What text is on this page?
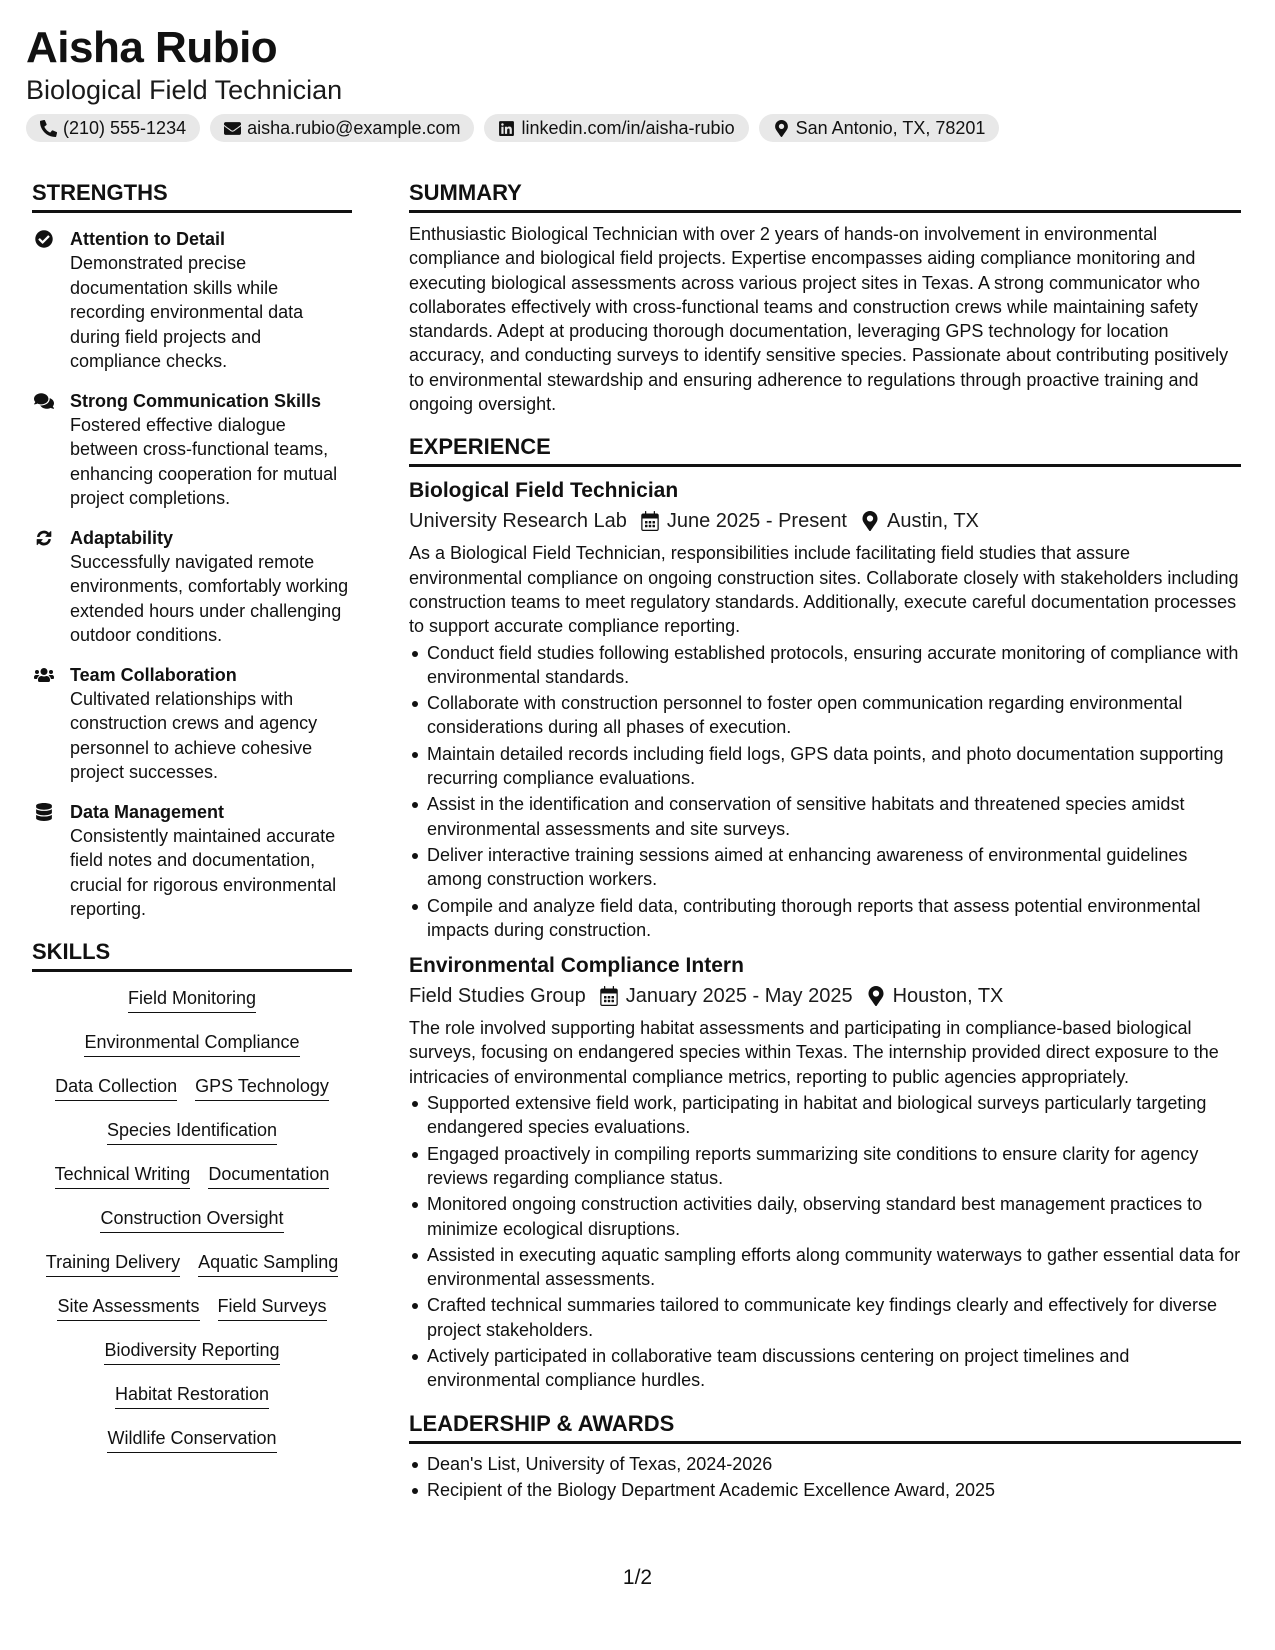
Aisha Rubio
Biological Field Technician
(210) 555-1234	aisha.rubio@example.com	linkedin.com/in/aisha-rubio	San Antonio, TX, 78201
STRENGTHS
Attention to Detail
Demonstrated precise documentation skills while recording environmental data during field projects and compliance checks.
Strong Communication Skills
Fostered effective dialogue between cross-functional teams, enhancing cooperation for mutual project completions.
Adaptability
Successfully navigated remote environments, comfortably working extended hours under challenging outdoor conditions.
Team Collaboration
Cultivated relationships with construction crews and agency personnel to achieve cohesive project successes.
Data Management
Consistently maintained accurate field notes and documentation, crucial for rigorous environmental reporting.
SKILLS
Field Monitoring
Environmental Compliance
Data Collection GPS Technology
Species Identification
Technical Writing Documentation
Construction Oversight
Training Delivery Aquatic Sampling
Site Assessments Field Surveys
Biodiversity Reporting
Habitat Restoration
Wildlife Conservation
SUMMARY

Enthusiastic Biological Technician with over 2 years of hands-on involvement in environmental compliance and biological field projects. Expertise encompasses aiding compliance monitoring and executing biological assessments across various project sites in Texas. A strong communicator who collaborates effectively with cross-functional teams and construction crews while maintaining safety standards. Adept at producing thorough documentation, leveraging GPS technology for location accuracy, and conducting surveys to identify sensitive species. Passionate about contributing positively to environmental stewardship and ensuring adherence to regulations through proactive training and ongoing oversight.

EXPERIENCE
Biological Field Technician
University Research Lab June 2025 - Present Austin, TX

As a Biological Field Technician, responsibilities include facilitating field studies that assure environmental compliance on ongoing construction sites. Collaborate closely with stakeholders including construction teams to meet regulatory standards. Additionally, execute careful documentation processes to support accurate compliance reporting.

Conduct field studies following established protocols, ensuring accurate monitoring of compliance with environmental standards.
Collaborate with construction personnel to foster open communication regarding environmental considerations during all phases of execution.
Maintain detailed records including field logs, GPS data points, and photo documentation supporting recurring compliance evaluations.
Assist in the identification and conservation of sensitive habitats and threatened species amidst environmental assessments and site surveys.
Deliver interactive training sessions aimed at enhancing awareness of environmental guidelines among construction workers.
Compile and analyze field data, contributing thorough reports that assess potential environmental impacts during construction.
Environmental Compliance Intern
Field Studies Group January 2025 - May 2025 Houston, TX

The role involved supporting habitat assessments and participating in compliance-based biological surveys, focusing on endangered species within Texas. The internship provided direct exposure to the intricacies of environmental compliance metrics, reporting to public agencies appropriately.

Supported extensive field work, participating in habitat and biological surveys particularly targeting endangered species evaluations.
Engaged proactively in compiling reports summarizing site conditions to ensure clarity for agency reviews regarding compliance status.
Monitored ongoing construction activities daily, observing standard best management practices to minimize ecological disruptions.
Assisted in executing aquatic sampling efforts along community waterways to gather essential data for environmental assessments.
Crafted technical summaries tailored to communicate key findings clearly and effectively for diverse project stakeholders.
Actively participated in collaborative team discussions centering on project timelines and environmental compliance hurdles.
LEADERSHIP & AWARDS
Dean's List, University of Texas, 2024-2026
Recipient of the Biology Department Academic Excellence Award, 2025
1/2
